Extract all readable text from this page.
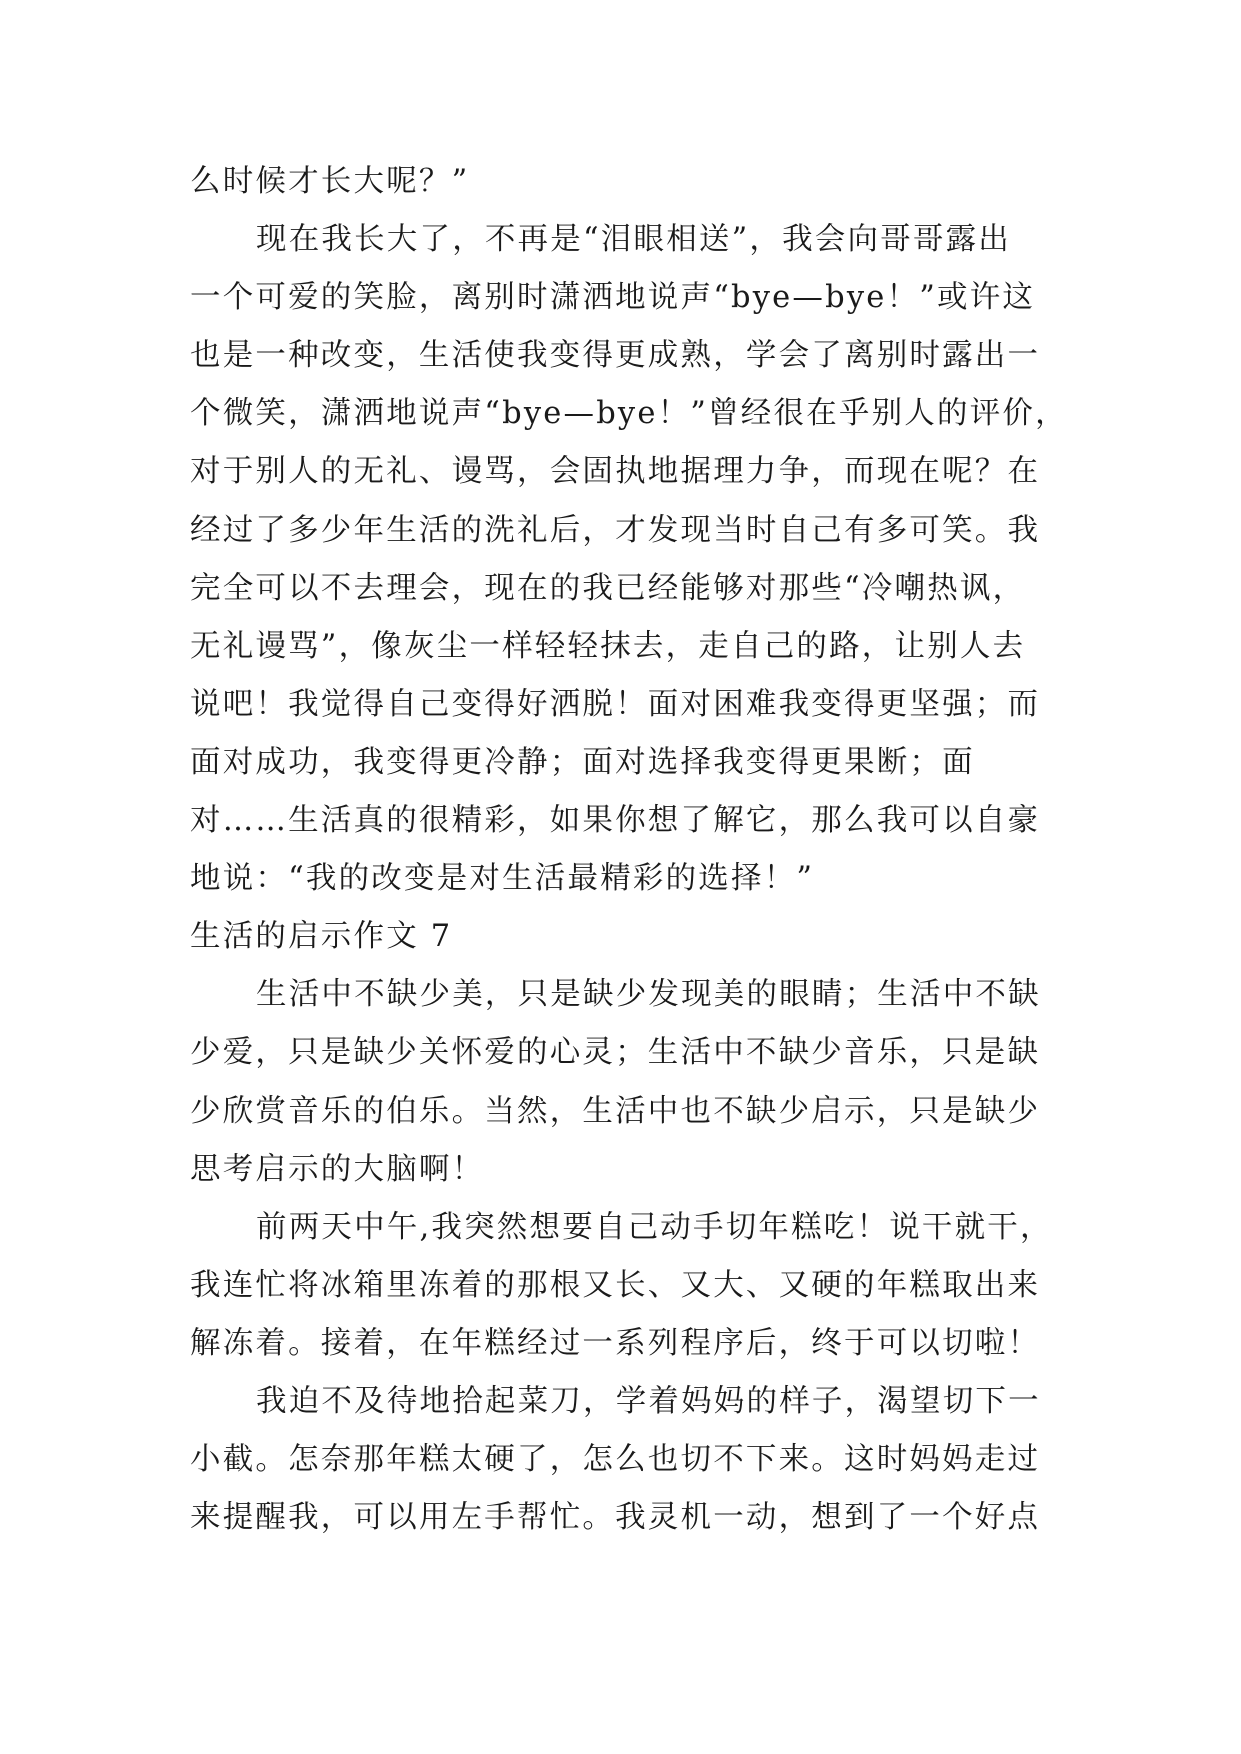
么时候才长大呢？”
现在我长大了，不再是“泪眼相送”，我会向哥哥露出
一个可爱的笑脸，离别时潇洒地说声“bye—bye！”或许这
也是一种改变，生活使我变得更成熟，学会了离别时露出一
个微笑，潇洒地说声“bye—bye！”曾经很在乎别人的评价，
对于别人的无礼、谩骂，会固执地据理力争，而现在呢？在
经过了多少年生活的洗礼后，才发现当时自己有多可笑。我
完全可以不去理会，现在的我已经能够对那些“冷嘲热讽，
无礼谩骂”，像灰尘一样轻轻抹去，走自己的路，让别人去
说吧！我觉得自己变得好洒脱！面对困难我变得更坚强；而
面对成功，我变得更冷静；面对选择我变得更果断；面
对……生活真的很精彩，如果你想了解它，那么我可以自豪
地说：“我的改变是对生活最精彩的选择！”
生活的启示作文 7
生活中不缺少美，只是缺少发现美的眼睛；生活中不缺
少爱，只是缺少关怀爱的心灵；生活中不缺少音乐，只是缺
少欣赏音乐的伯乐。当然，生活中也不缺少启示，只是缺少
思考启示的大脑啊！
前两天中午,我突然想要自己动手切年糕吃！说干就干，
我连忙将冰箱里冻着的那根又长、又大、又硬的年糕取出来
解冻着。接着，在年糕经过一系列程序后，终于可以切啦！
我迫不及待地拾起菜刀，学着妈妈的样子，渴望切下一
小截。怎奈那年糕太硬了，怎么也切不下来。这时妈妈走过
来提醒我，可以用左手帮忙。我灵机一动，想到了一个好点
